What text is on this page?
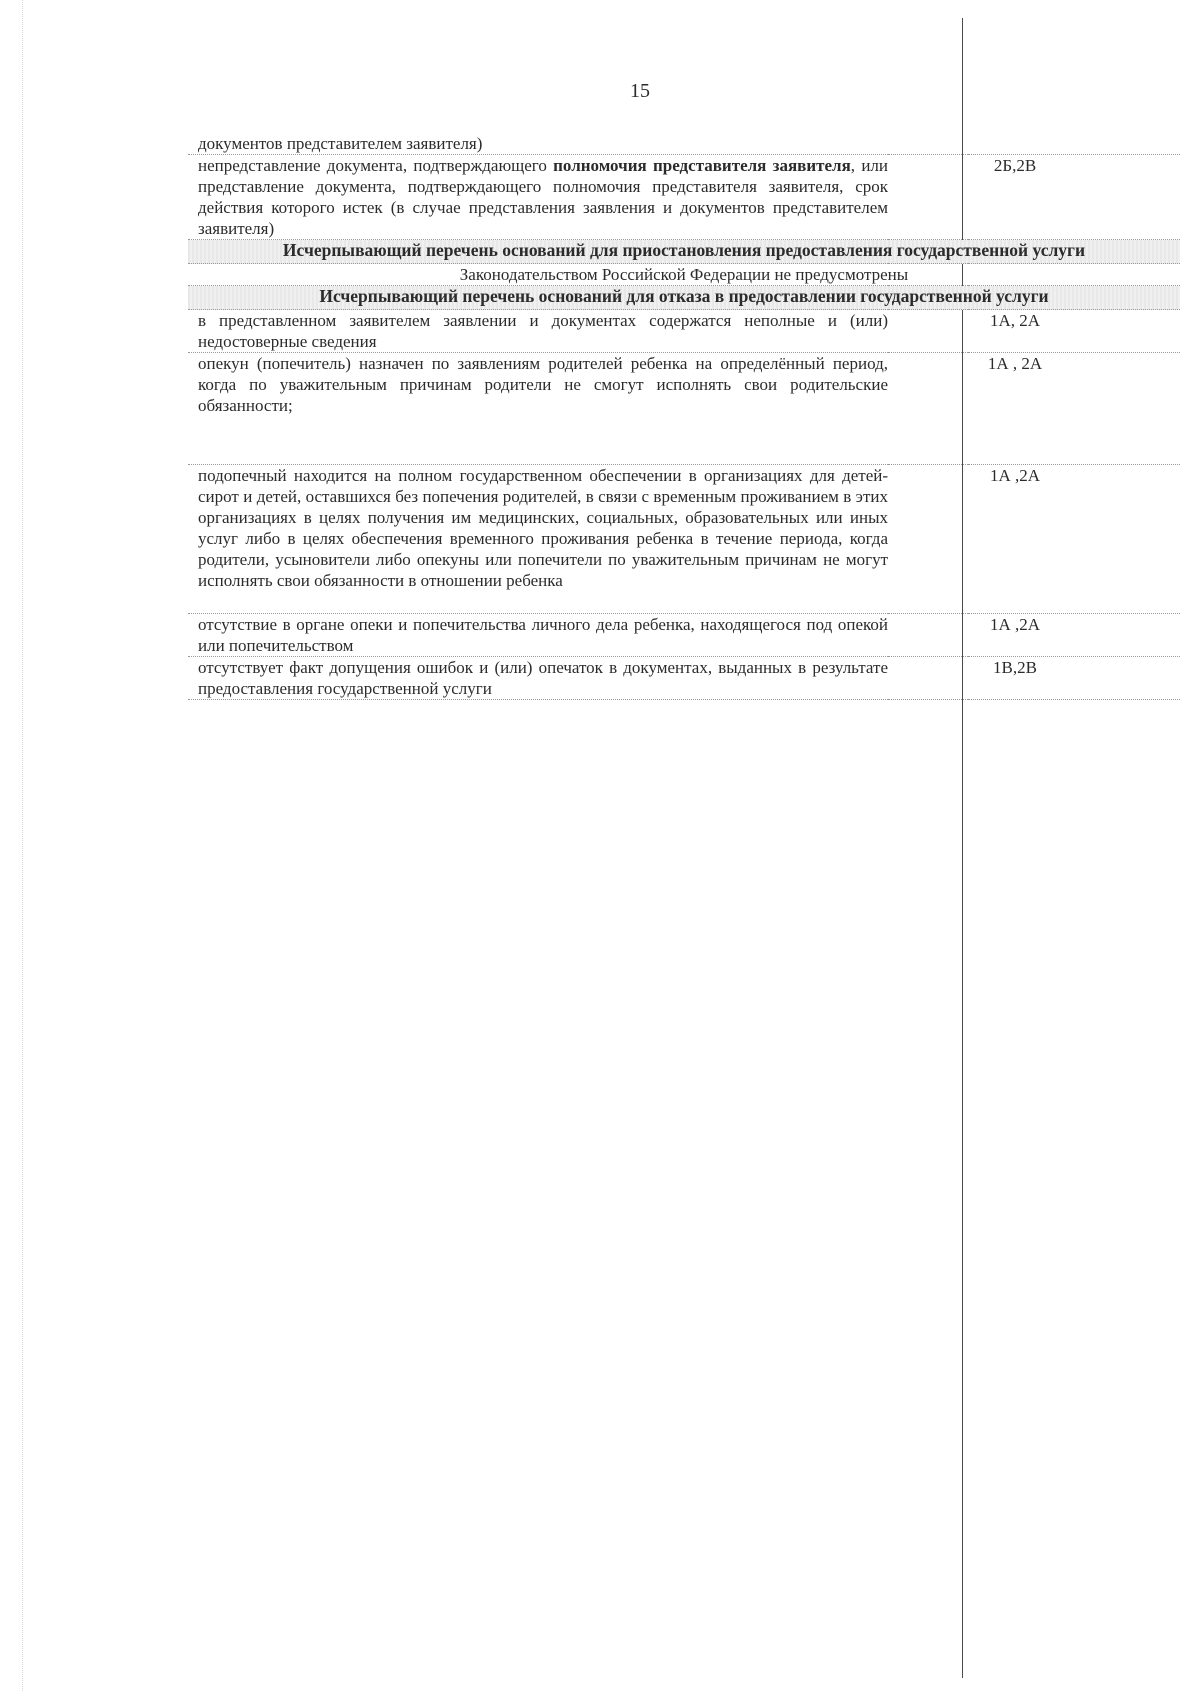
15
документов представителем заявителя)		
непредставление документа, подтверждающего полномочия представителя заявителя, или представление документа, подтверждающего полномочия представителя заявителя, срок действия которого истек (в случае представления заявления и документов представителем заявителя)		2Б,2В
Исчерпывающий перечень оснований для приостановления предоставления государственной услуги		
Законодательством Российской Федерации не предусмотрены		
Исчерпывающий перечень оснований для отказа в предоставлении государственной услуги		
в представленном заявителем заявлении и документах содержатся неполные и (или) недостоверные сведения		1А, 2А
опекун (попечитель) назначен по заявлениям родителей ребенка на определённый период, когда по уважительным причинам родители не смогут исполнять свои родительские обязанности;		1А , 2А
подопечный находится на полном государственном обеспечении в организациях для детей-сирот и детей, оставшихся без попечения родителей, в связи с временным проживанием в этих организациях в целях получения им медицинских, социальных, образовательных или иных услуг либо в целях обеспечения временного проживания ребенка в течение периода, когда родители, усыновители либо опекуны или попечители по уважительным причинам не могут исполнять свои обязанности в отношении ребенка		1А ,2А
отсутствие в органе опеки и попечительства личного дела ребенка, находящегося под опекой или попечительством		1А ,2А
отсутствует факт допущения ошибок и (или) опечаток в документах, выданных в результате предоставления государственной услуги		1В,2В
